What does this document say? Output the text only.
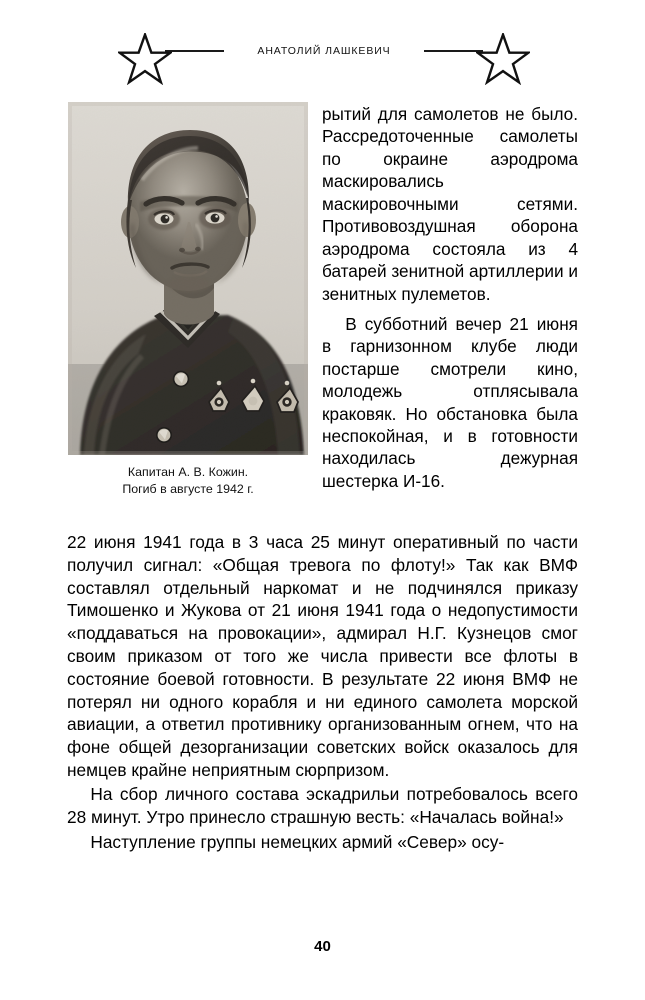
АНАТОЛИЙ ЛАШКЕВИЧ
Капитан А. В. Кожин.
Погиб в августе 1942 г.

рытий для самолетов не было. Рассредоточенные самолеты по окраине аэродрома маскировались маскировочными сетями. Противовоздушная оборона аэродрома состояла из 4 батарей зенитной артиллерии и зенитных пулеметов.

В субботний вечер 21 июня в гарнизонном клубе люди постарше смотрели кино, молодежь отплясывала краковяк. Но обстановка была неспокойная, и в готовности находилась дежурная шестерка И-16.

22 июня 1941 года в 3 часа 25 минут оперативный по части получил сигнал: «Общая тревога по флоту!» Так как ВМФ составлял отдельный наркомат и не подчинялся приказу Тимошенко и Жукова от 21 июня 1941 года о недопустимости «поддаваться на провокации», адмирал Н.Г. Кузнецов смог своим приказом от того же числа привести все флоты в состояние боевой готовности. В результате 22 июня ВМФ не потерял ни одного корабля и ни единого самолета морской авиации, а ответил противнику организованным огнем, что на фоне общей дезорганизации советских войск оказалось для немцев крайне неприятным сюрпризом.

На сбор личного состава эскадрильи потребовалось всего 28 минут. Утро принесло страшную весть: «Началась война!»

Наступление группы немецких армий «Север» осу-

40
